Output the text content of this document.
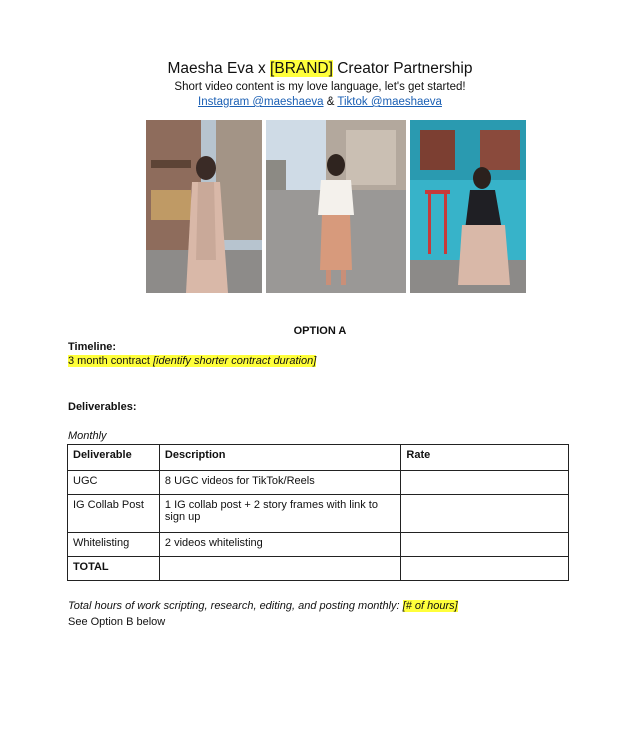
Maesha Eva x [BRAND] Creator Partnership
Short video content is my love language, let's get started!
Instagram @maeshaeva & Tiktok @maeshaeva
OPTION A
Timeline:
3 month contract [identify shorter contract duration]
Deliverables:
Monthly
Deliverable	Description	Rate
UGC	8 UGC videos for TikTok/Reels	
IG Collab Post	1 IG collab post + 2 story frames with link to sign up	
Whitelisting	2 videos whitelisting	
TOTAL		
Total hours of work scripting, research, editing, and posting monthly: [# of hours]
See Option B below
